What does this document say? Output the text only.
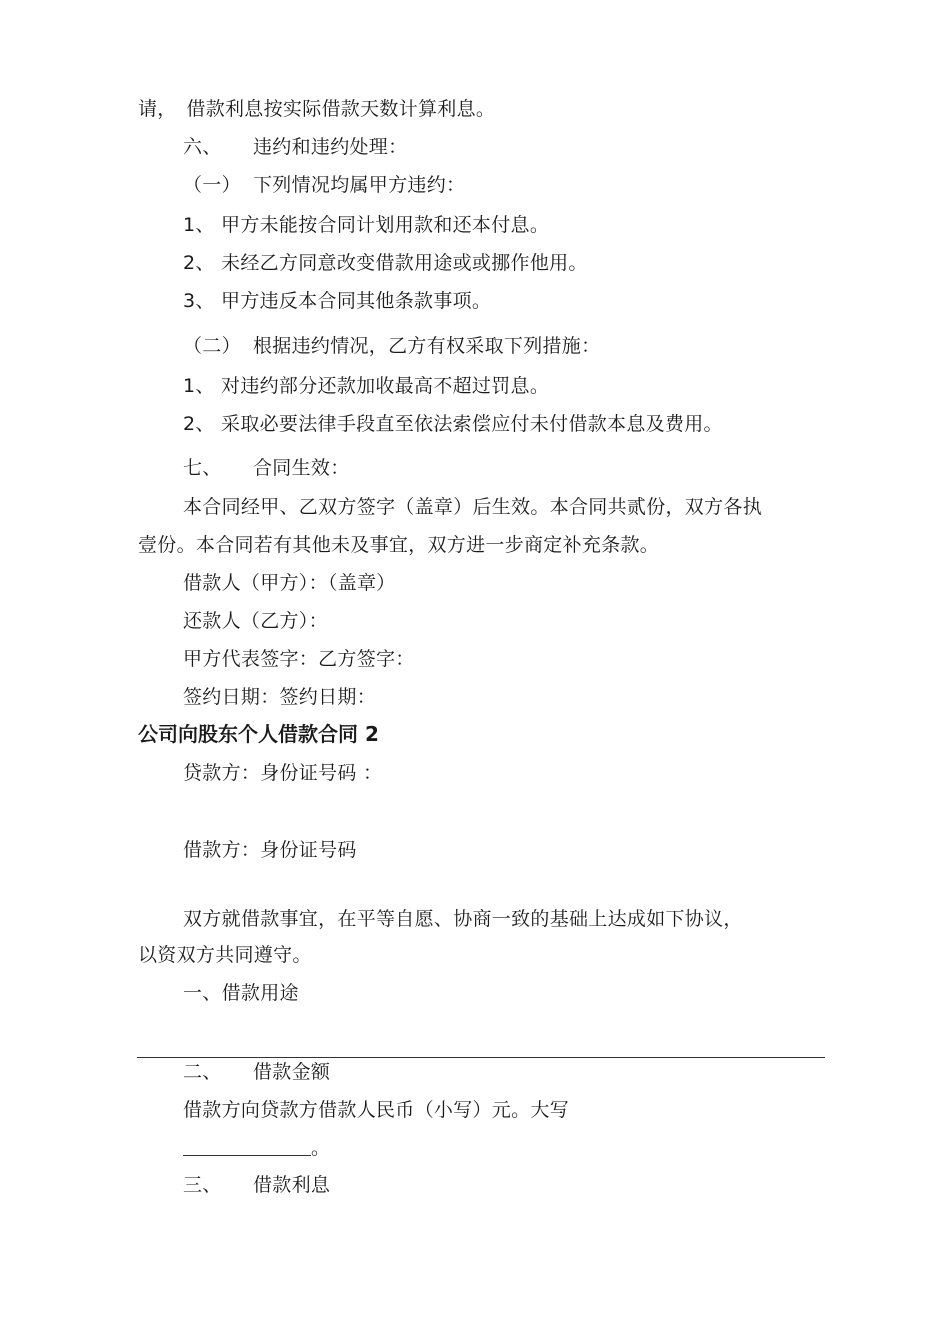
请，　借款利息按实际借款天数计算利息。
六、 违约和违约处理：
（一） 下列情况均属甲方违约：
1、 甲方未能按合同计划用款和还本付息。
2、 未经乙方同意改变借款用途或或挪作他用。
3、 甲方违反本合同其他条款事项。
（二） 根据违约情况，乙方有权采取下列措施：
1、 对违约部分还款加收最高不超过罚息。
2、 采取必要法律手段直至依法索偿应付未付借款本息及费用。
七、 合同生效：
本合同经甲、乙双方签字（盖章）后生效。本合同共贰份，双方各执
壹份。本合同若有其他未及事宜，双方进一步商定补充条款。
借款人（甲方）：（盖章）
还款人（乙方）：
甲方代表签字：乙方签字：
签约日期：签约日期：
公司向股东个人借款合同 2
贷款方：身份证号码 ：
借款方：身份证号码
双方就借款事宜，在平等自愿、协商一致的基础上达成如下协议，
以资双方共同遵守。
一、借款用途
二、 借款金额
借款方向贷款方借款人民币（小写）元。大写
。
三、 借款利息
